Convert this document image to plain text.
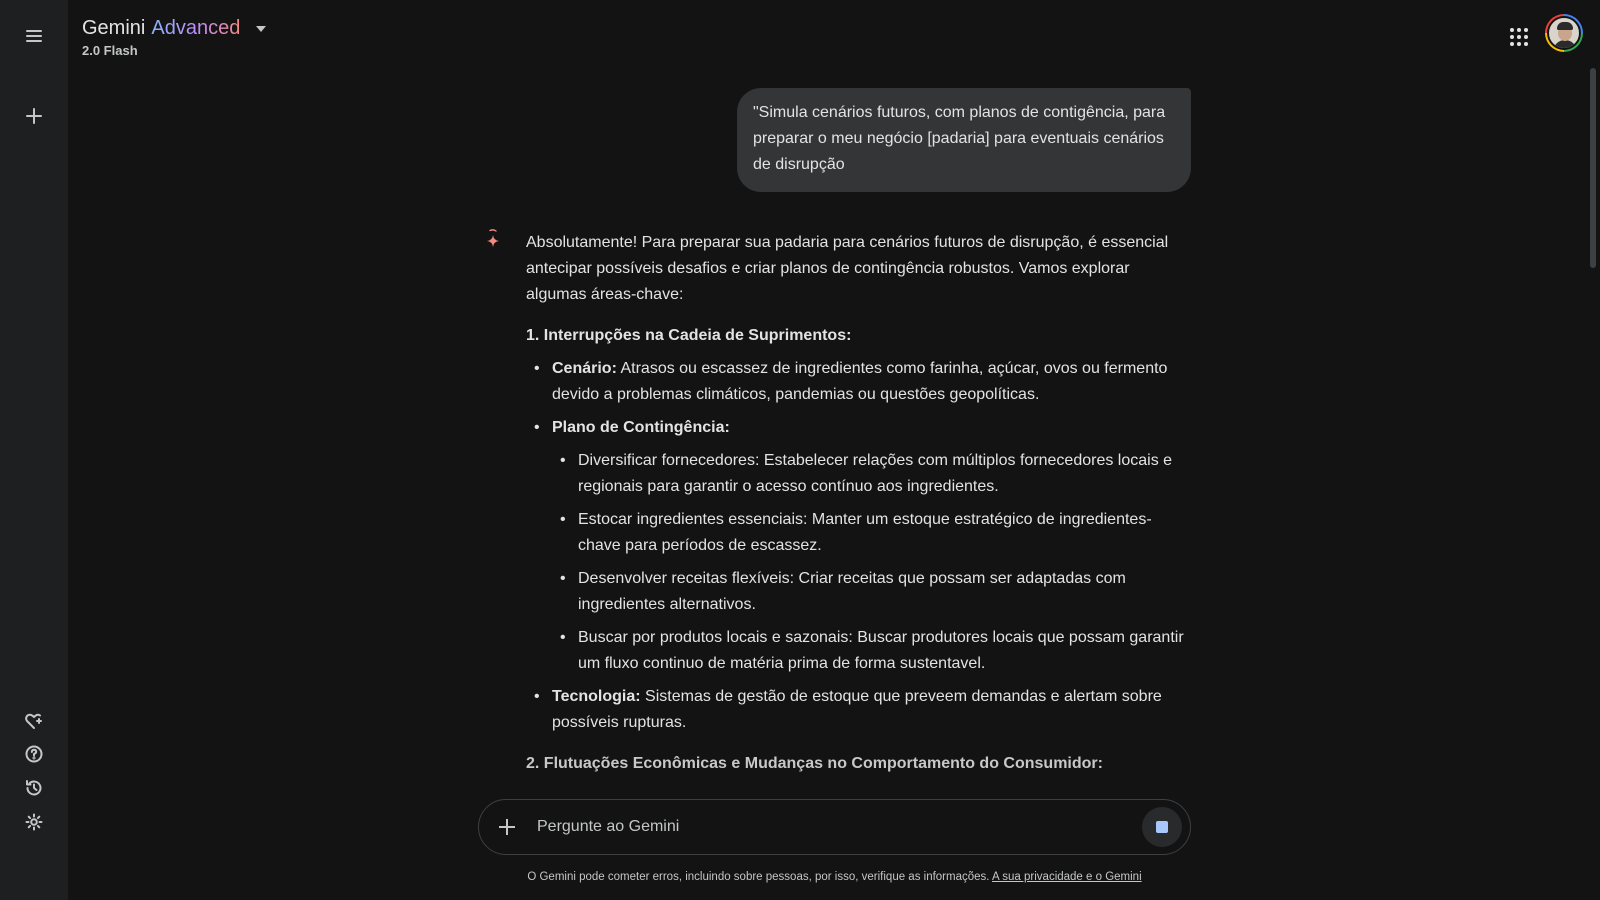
Gemini Advanced
2.0 Flash
"Simula cenários futuros, com planos de contigência, para preparar o meu negócio [padaria] para eventuais cenários de disrupção

Absolutamente! Para preparar sua padaria para cenários futuros de disrupção, é essencial antecipar possíveis desafios e criar planos de contingência robustos. Vamos explorar algumas áreas-chave:

1. Interrupções na Cadeia de Suprimentos:
• Cenário: Atrasos ou escassez de ingredientes como farinha, açúcar, ovos ou fermento devido a problemas climáticos, pandemias ou questões geopolíticas.
• Plano de Contingência:
• Diversificar fornecedores: Estabelecer relações com múltiplos fornecedores locais e regionais para garantir o acesso contínuo aos ingredientes.
• Estocar ingredientes essenciais: Manter um estoque estratégico de ingredientes-chave para períodos de escassez.
• Desenvolver receitas flexíveis: Criar receitas que possam ser adaptadas com ingredientes alternativos.
• Buscar por produtos locais e sazonais: Buscar produtores locais que possam garantir um fluxo continuo de matéria prima de forma sustentavel.
• Tecnologia: Sistemas de gestão de estoque que preveem demandas e alertam sobre possíveis rupturas.
2. Flutuações Econômicas e Mudanças no Comportamento do Consumidor:
Pergunte ao Gemini
O Gemini pode cometer erros, incluindo sobre pessoas, por isso, verifique as informações. A sua privacidade e o Gemini
